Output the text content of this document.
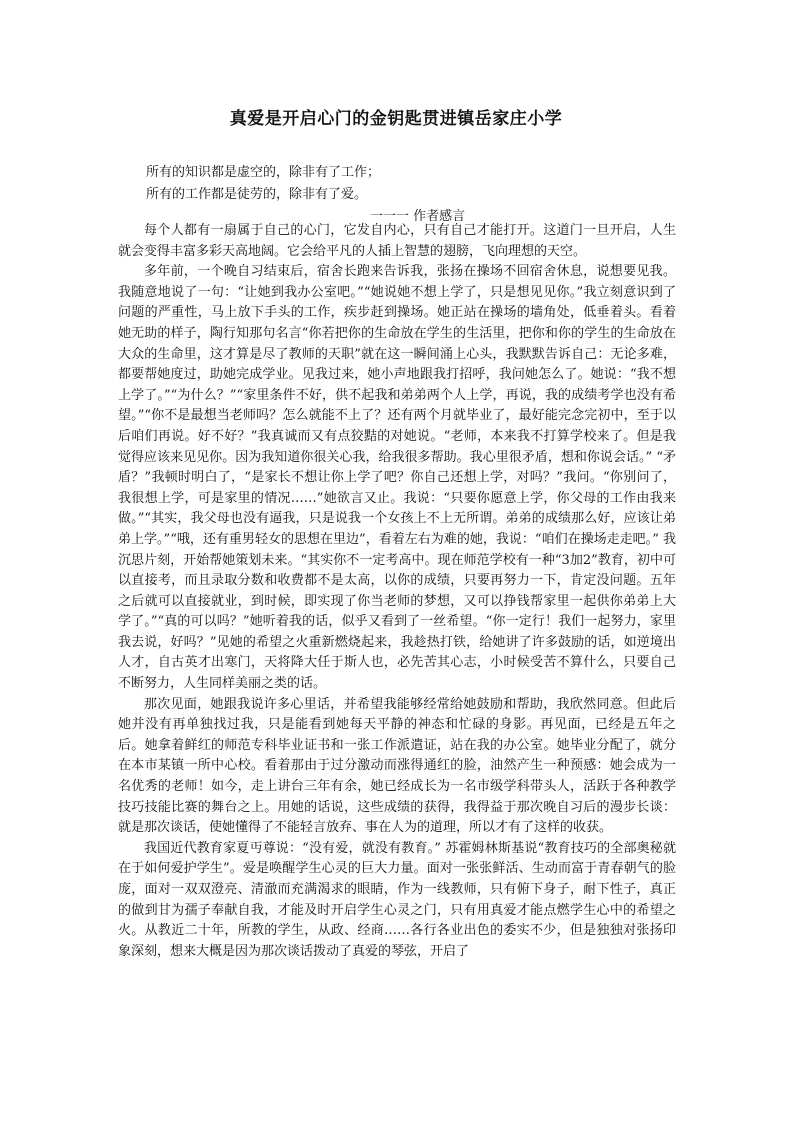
真爱是开启心门的金钥匙贯进镇岳家庄小学
所有的知识都是虚空的，除非有了工作；
所有的工作都是徒劳的，除非有了爱。
一一一 作者感言

每个人都有一扇属于自己的心门，它发自内心，只有自己才能打开。这道门一旦开启，人生就会变得丰富多彩天高地阔。它会给平凡的人插上智慧的翅膀，飞向理想的天空。

多年前，一个晚自习结束后，宿舍长跑来告诉我，张扬在操场不回宿舍休息，说想要见我。我随意地说了一句：“让她到我办公室吧。”“她说她不想上学了，只是想见见你。”我立刻意识到了问题的严重性，马上放下手头的工作，疾步赶到操场。她正站在操场的墙角处，低垂着头。看着她无助的样子，陶行知那句名言“你若把你的生命放在学生的生活里，把你和你的学生的生命放在大众的生命里，这才算是尽了教师的天职”就在这一瞬间涌上心头，我默默告诉自己：无论多难，都要帮她度过，助她完成学业。见我过来，她小声地跟我打招呼，我问她怎么了。她说：“我不想上学了。”“为什么？”“家里条件不好，供不起我和弟弟两个人上学，再说，我的成绩考学也没有希望。”“你不是最想当老师吗？怎么就能不上了？还有两个月就毕业了，最好能完念完初中，至于以后咱们再说。好不好？”我真诚而又有点狡黠的对她说。“老师，本来我不打算学校来了。但是我觉得应该来见见你。因为我知道你很关心我，给我很多帮助。我心里很矛盾，想和你说会话。” “矛盾？”我顿时明白了，“是家长不想让你上学了吧？你自己还想上学，对吗？”我问。“你别问了，我很想上学，可是家里的情况……”她欲言又止。我说：“只要你愿意上学，你父母的工作由我来做。”“其实，我父母也没有逼我，只是说我一个女孩上不上无所谓。弟弟的成绩那么好，应该让弟弟上学。”“哦，还有重男轻女的思想在里边”，看着左右为难的她，我说：“咱们在操场走走吧。” 我沉思片刻，开始帮她策划未来。“其实你不一定考高中。现在师范学校有一种“3加2”教育，初中可以直接考，而且录取分数和收费都不是太高，以你的成绩，只要再努力一下，肯定没问题。五年之后就可以直接就业，到时候，即实现了你当老师的梦想，又可以挣钱帮家里一起供你弟弟上大学了。”“真的可以吗？”她听着我的话，似乎又看到了一丝希望。“你一定行！我们一起努力，家里我去说，好吗？”见她的希望之火重新燃烧起来，我趁热打铁，给她讲了许多鼓励的话，如逆境出人才，自古英才出寒门，天将降大任于斯人也，必先苦其心志，小时候受苦不算什么，只要自己不断努力，人生同样美丽之类的话。

那次见面，她跟我说许多心里话，并希望我能够经常给她鼓励和帮助，我欣然同意。但此后她并没有再单独找过我，只是能看到她每天平静的神态和忙碌的身影。再见面，已经是五年之后。她拿着鲜红的师范专科毕业证书和一张工作派遣证，站在我的办公室。她毕业分配了，就分在本市某镇一所中心校。看着那由于过分激动而涨得通红的脸，油然产生一种预感：她会成为一名优秀的老师！如今，走上讲台三年有余，她已经成长为一名市级学科带头人，活跃于各种教学技巧技能比赛的舞台之上。用她的话说，这些成绩的获得，我得益于那次晚自习后的漫步长谈：就是那次谈话，使她懂得了不能轻言放弃、事在人为的道理，所以才有了这样的收获。

我国近代教育家夏丏尊说：“没有爱，就没有教育。” 苏霍姆林斯基说“教育技巧的全部奥秘就在于如何爱护学生”。爱是唤醒学生心灵的巨大力量。面对一张张鲜活、生动而富于青春朝气的脸庞，面对一双双澄亮、清澈而充满渴求的眼睛，作为一线教师，只有俯下身子，耐下性子，真正的做到甘为孺子奉献自我，才能及时开启学生心灵之门，只有用真爱才能点燃学生心中的希望之火。从教近二十年，所教的学生，从政、经商……各行各业出色的委实不少，但是独独对张扬印象深刻，想来大概是因为那次谈话拨动了真爱的琴弦，开启了
